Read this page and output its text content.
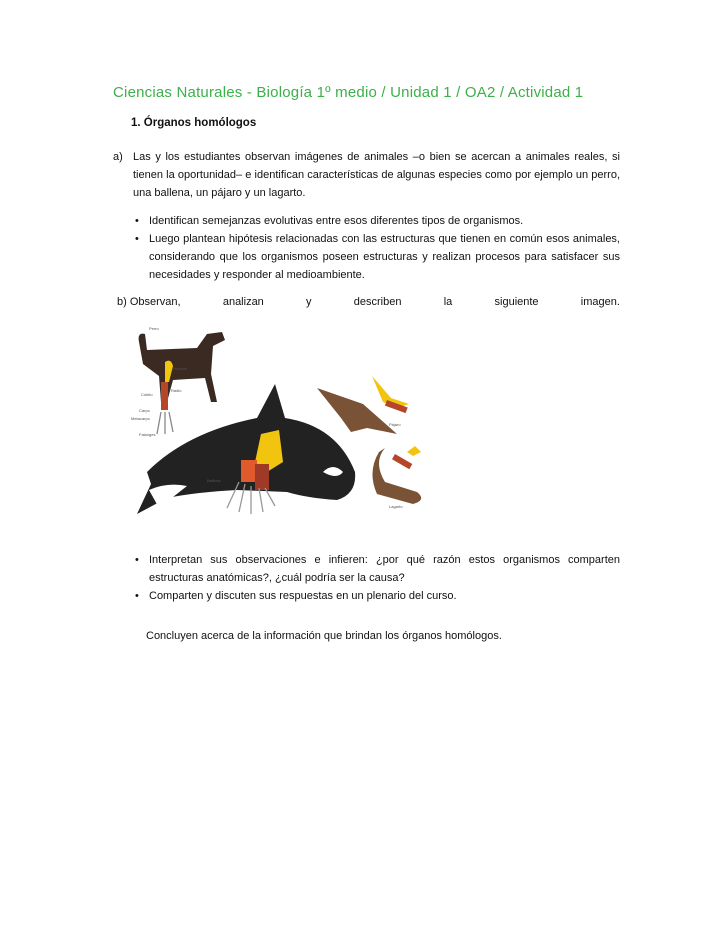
Ciencias Naturales - Biología 1º medio / Unidad 1 / OA2 / Actividad 1
1. Órganos homólogos
a) Las y los estudiantes observan imágenes de animales –o bien se acercan a animales reales, si tienen la oportunidad– e identifican características de algunas especies como por ejemplo un perro, una ballena, un pájaro y un lagarto.
• Identifican semejanzas evolutivas entre esos diferentes tipos de organismos.
• Luego plantean hipótesis relacionadas con las estructuras que tienen en común esos animales, considerando que los organismos poseen estructuras y realizan procesos para satisfacer sus necesidades y responder al medioambiente.
b) Observan,	analizan	y	describen	la	siguiente	imagen.
Perro
Húmero
Radio
Cúbito
Carpo
Metacarpo
Falanges
Ballena
Pájaro
Lagarto
• Interpretan sus observaciones e infieren: ¿por qué razón estos organismos comparten estructuras anatómicas?, ¿cuál podría ser la causa?
• Comparten y discuten sus respuestas en un plenario del curso.
Concluyen acerca de la información que brindan los órganos homólogos.
